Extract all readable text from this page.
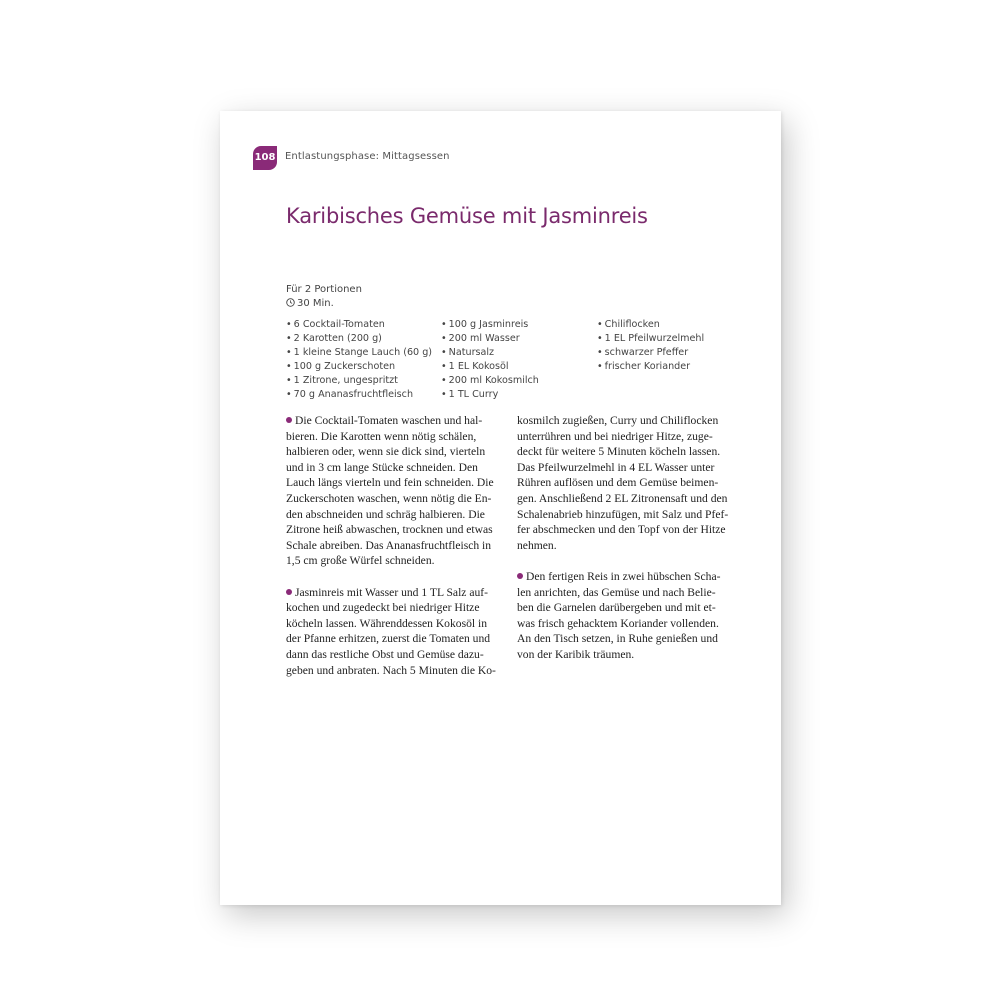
108 Entlastungsphase: Mittagsessen
Karibisches Gemüse mit Jasminreis
Für 2 Portionen
30 Min.
• 6 Cocktail-Tomaten
• 2 Karotten (200 g)
• 1 kleine Stange Lauch (60 g)
• 100 g Zuckerschoten
• 1 Zitrone, ungespritzt
• 70 g Ananasfruchtfleisch
• 100 g Jasminreis
• 200 ml Wasser
• Natursalz
• 1 EL Kokosöl
• 200 ml Kokosmilch
• 1 TL Curry
• Chiliflocken
• 1 EL Pfeilwurzelmehl
• schwarzer Pfeffer
• frischer Koriander

Die Cocktail-Tomaten waschen und hal-
bieren. Die Karotten wenn nötig schälen,
halbieren oder, wenn sie dick sind, vierteln
und in 3 cm lange Stücke schneiden. Den
Lauch längs vierteln und fein schneiden. Die
Zuckerschoten waschen, wenn nötig die En-
den abschneiden und schräg halbieren. Die
Zitrone heiß abwaschen, trocknen und etwas
Schale abreiben. Das Ananasfruchtfleisch in
1,5 cm große Würfel schneiden.

Jasminreis mit Wasser und 1 TL Salz auf-
kochen und zugedeckt bei niedriger Hitze
köcheln lassen. Währenddessen Kokosöl in
der Pfanne erhitzen, zuerst die Tomaten und
dann das restliche Obst und Gemüse dazu-
geben und anbraten. Nach 5 Minuten die Ko-

kosmilch zugießen, Curry und Chiliflocken
unterrühren und bei niedriger Hitze, zuge-
deckt für weitere 5 Minuten köcheln lassen.
Das Pfeilwurzelmehl in 4 EL Wasser unter
Rühren auflösen und dem Gemüse beimen-
gen. Anschließend 2 EL Zitronensaft und den
Schalenabrieb hinzufügen, mit Salz und Pfef-
fer abschmecken und den Topf von der Hitze
nehmen.

Den fertigen Reis in zwei hübschen Scha-
len anrichten, das Gemüse und nach Belie-
ben die Garnelen darübergeben und mit et-
was frisch gehacktem Koriander vollenden.
An den Tisch setzen, in Ruhe genießen und
von der Karibik träumen.
